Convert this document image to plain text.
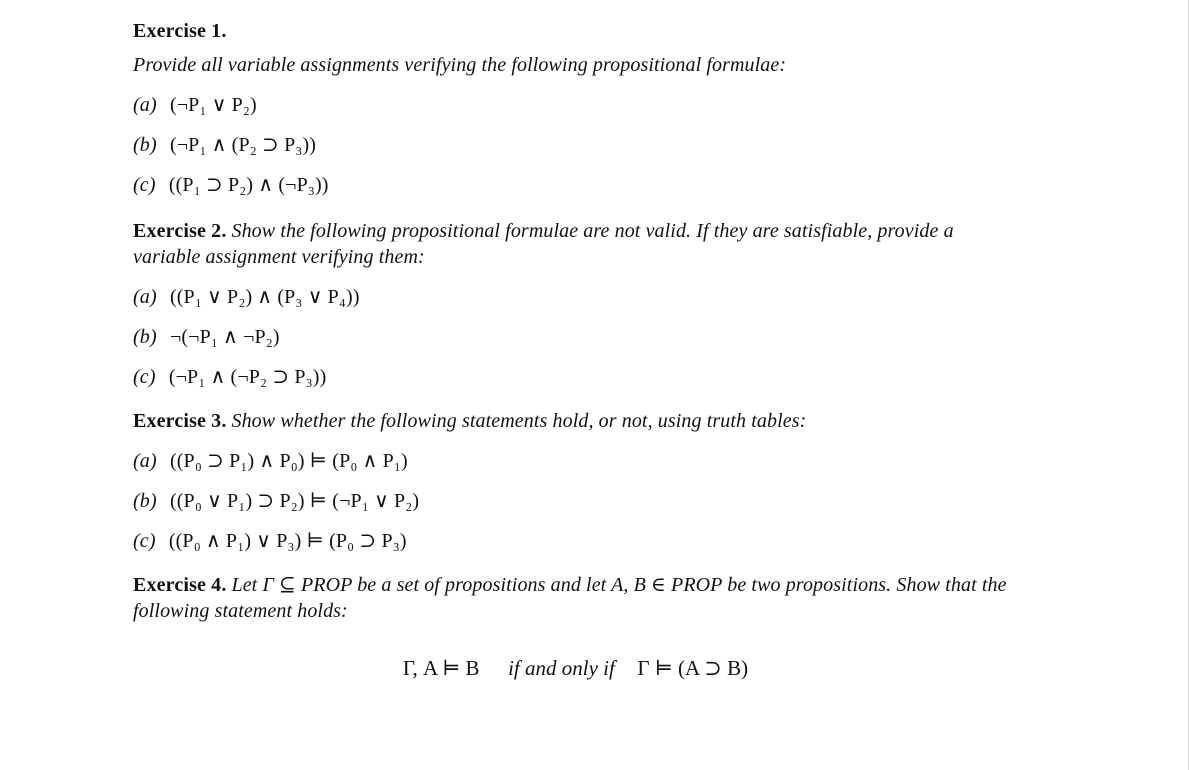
Exercise 1.
Provide all variable assignments verifying the following propositional formulae:
(a) (¬P₁ ∨ P₂)
(b) (¬P₁ ∧ (P₂ ⊃ P₃))
(c) ((P₁ ⊃ P₂) ∧ (¬P₃))
Exercise 2. Show the following propositional formulae are not valid. If they are satisfiable, provide a variable assignment verifying them:
(a) ((P₁ ∨ P₂) ∧ (P₃ ∨ P₄))
(b) ¬(¬P₁ ∧ ¬P₂)
(c) (¬P₁ ∧ (¬P₂ ⊃ P₃))
Exercise 3. Show whether the following statements hold, or not, using truth tables:
(a) ((P₀ ⊃ P₁) ∧ P₀) ⊨ (P₀ ∧ P₁)
(b) ((P₀ ∨ P₁) ⊃ P₂) ⊨ (¬P₁ ∨ P₂)
(c) ((P₀ ∧ P₁) ∨ P₃) ⊨ (P₀ ⊃ P₃)
Exercise 4. Let Γ ⊆ PROP be a set of propositions and let A, B ∈ PROP be two propositions. Show that the following statement holds:
Γ, A ⊨ B if and only if Γ ⊨ (A ⊃ B)
